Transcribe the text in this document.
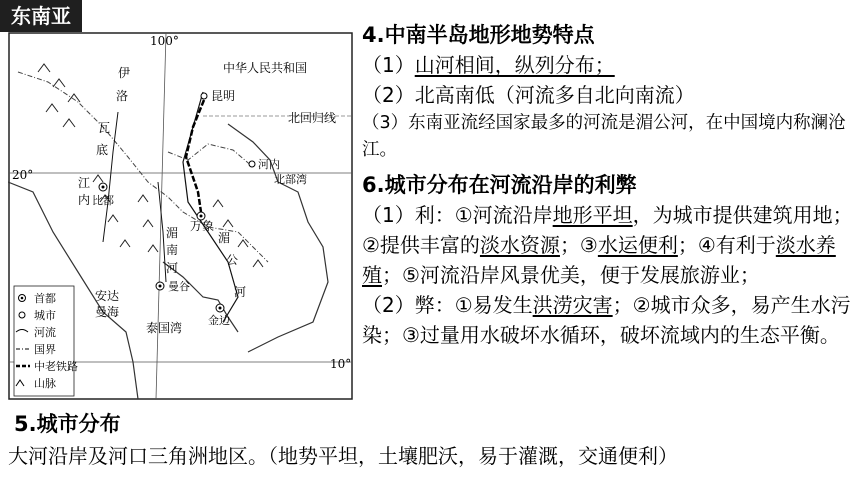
东南亚
100°
中华人民共和国
昆明
北回归线
河内
北部湾
20°
10°
伊
洛
瓦
底
江
内 比都
万象
湄
公
河
湄
南
河
曼谷
安达
曼海
泰国湾
金边
首都
城市
河流
国界
中老铁路
山脉
4.中南半岛地形地势特点
（1）山河相间，纵列分布；
（2）北高南低（河流多自北向南流）
（3）东南亚流经国家最多的河流是湄公河，在中国境内称澜沧江。
6.城市分布在河流沿岸的利弊
（1）利：①河流沿岸地形平坦，为城市提供建筑用地；②提供丰富的淡水资源；③水运便利；④有利于淡水养殖；⑤河流沿岸风景优美，便于发展旅游业；
（2）弊：①易发生洪涝灾害；②城市众多，易产生水污染；③过量用水破坏水循环，破坏流域内的生态平衡。
5.城市分布
大河沿岸及河口三角洲地区。（地势平坦，土壤肥沃，易于灌溉，交通便利）
